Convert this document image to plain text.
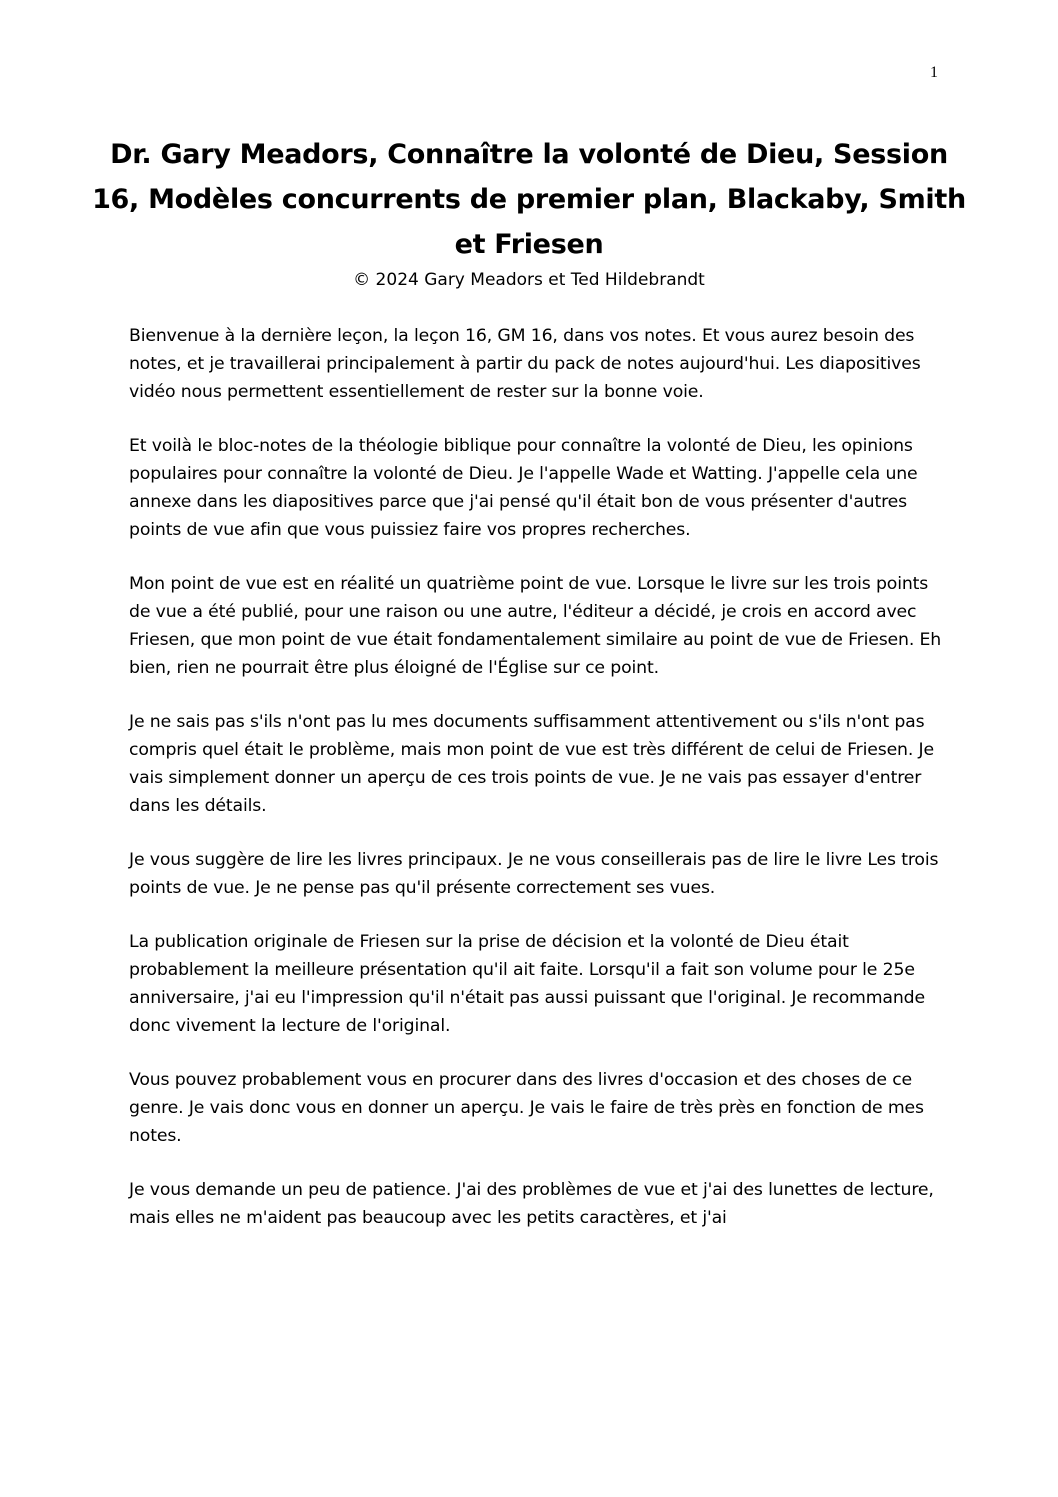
1
Dr. Gary Meadors, Connaître la volonté de Dieu, Session 16, Modèles concurrents de premier plan, Blackaby, Smith et Friesen

© 2024 Gary Meadors et Ted Hildebrandt

Bienvenue à la dernière leçon, la leçon 16, GM 16, dans vos notes. Et vous aurez besoin des notes, et je travaillerai principalement à partir du pack de notes aujourd'hui. Les diapositives vidéo nous permettent essentiellement de rester sur la bonne voie.

Et voilà le bloc-notes de la théologie biblique pour connaître la volonté de Dieu, les opinions populaires pour connaître la volonté de Dieu. Je l'appelle Wade et Watting. J'appelle cela une annexe dans les diapositives parce que j'ai pensé qu'il était bon de vous présenter d'autres points de vue afin que vous puissiez faire vos propres recherches.

Mon point de vue est en réalité un quatrième point de vue. Lorsque le livre sur les trois points de vue a été publié, pour une raison ou une autre, l'éditeur a décidé, je crois en accord avec Friesen, que mon point de vue était fondamentalement similaire au point de vue de Friesen. Eh bien, rien ne pourrait être plus éloigné de l'Église sur ce point.

Je ne sais pas s'ils n'ont pas lu mes documents suffisamment attentivement ou s'ils n'ont pas compris quel était le problème, mais mon point de vue est très différent de celui de Friesen. Je vais simplement donner un aperçu de ces trois points de vue. Je ne vais pas essayer d'entrer dans les détails.

Je vous suggère de lire les livres principaux. Je ne vous conseillerais pas de lire le livre Les trois points de vue. Je ne pense pas qu'il présente correctement ses vues.

La publication originale de Friesen sur la prise de décision et la volonté de Dieu était probablement la meilleure présentation qu'il ait faite. Lorsqu'il a fait son volume pour le 25e anniversaire, j'ai eu l'impression qu'il n'était pas aussi puissant que l'original. Je recommande donc vivement la lecture de l'original.

Vous pouvez probablement vous en procurer dans des livres d'occasion et des choses de ce genre. Je vais donc vous en donner un aperçu. Je vais le faire de très près en fonction de mes notes.

Je vous demande un peu de patience. J'ai des problèmes de vue et j'ai des lunettes de lecture, mais elles ne m'aident pas beaucoup avec les petits caractères, et j'ai
